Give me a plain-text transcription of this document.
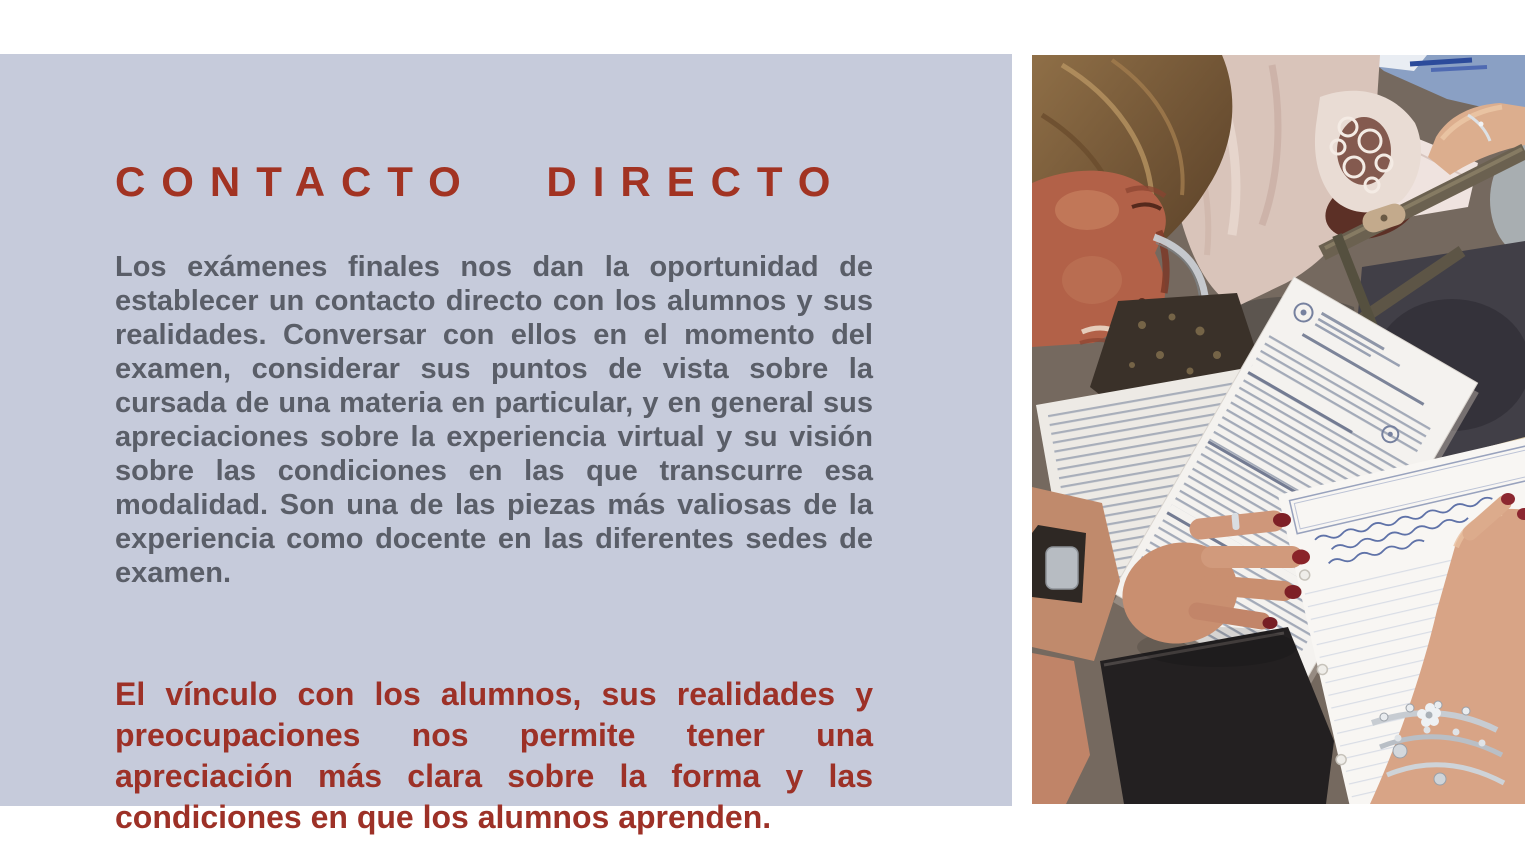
CONTACTO DIRECTO

Los exámenes finales nos dan la oportunidad de establecer un contacto directo con los alumnos y sus realidades. Conversar con ellos en el momento del examen, considerar sus puntos de vista sobre la cursada de una materia en particular, y en general sus apreciaciones sobre la experiencia virtual y su visión sobre las condiciones en las que transcurre esa modalidad. Son una de las piezas más valiosas de la experiencia como docente en las diferentes sedes de examen.

El vínculo con los alumnos, sus realidades y preocupaciones nos permite tener una apreciación más clara sobre la forma y las condiciones en que los alumnos aprenden.
